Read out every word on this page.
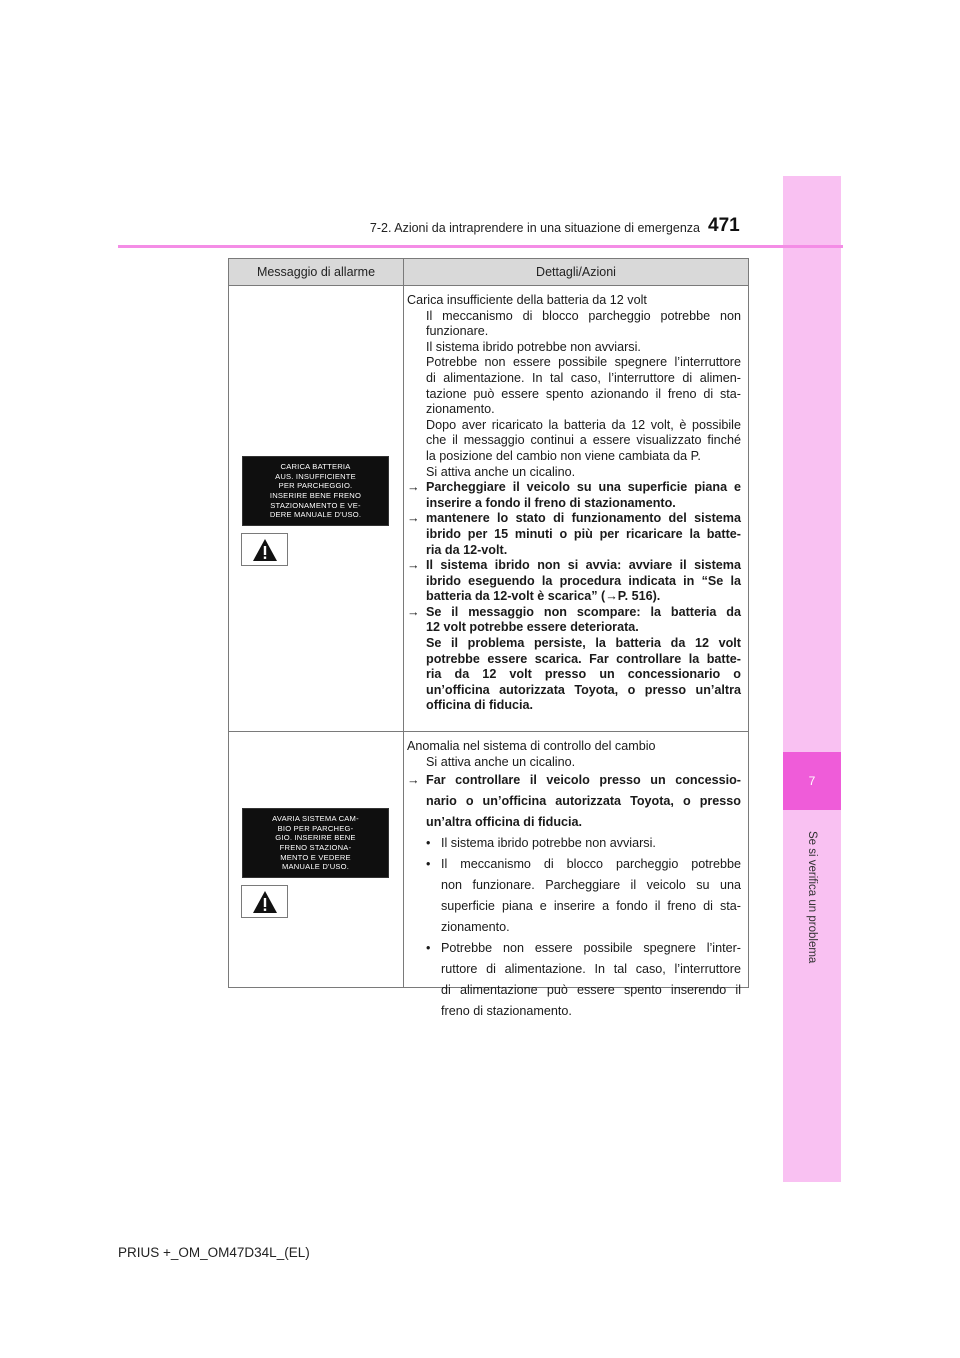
7
Se si verifica un problema
7-2. Azioni da intraprendere in una situazione di emergenza 471
Messaggio di allarme	Dettagli/Azioni
CARICA BATTERIA
AUS. INSUFFICIENTE
PER PARCHEGGIO.
INSERIRE BENE FRENO
STAZIONAMENTO E VE-
DERE MANUALE D'USO.
Carica insufficiente della batteria da 12 volt
Il meccanismo di blocco parcheggio potrebbe non
funzionare.
Il sistema ibrido potrebbe non avviarsi.
Potrebbe non essere possibile spegnere l’interruttore
di alimentazione. In tal caso, l’interruttore di alimen-
tazione può essere spento azionando il freno di sta-
zionamento.
Dopo aver ricaricato la batteria da 12 volt, è possibile
che il messaggio continui a essere visualizzato finché
la posizione del cambio non viene cambiata da P.
Si attiva anche un cicalino.
→ Parcheggiare il veicolo su una superficie piana e
inserire a fondo il freno di stazionamento.
→ mantenere lo stato di funzionamento del sistema
ibrido per 15 minuti o più per ricaricare la batte-
ria da 12-volt.
→ Il sistema ibrido non si avvia: avviare il sistema
ibrido eseguendo la procedura indicata in “Se la
batteria da 12-volt è scarica” (→P. 516).
→ Se il messaggio non scompare: la batteria da
12 volt potrebbe essere deteriorata.
Se il problema persiste, la batteria da 12 volt
potrebbe essere scarica. Far controllare la batte-
ria da 12 volt presso un concessionario o
un’officina autorizzata Toyota, o presso un’altra
officina di fiducia.
AVARIA SISTEMA CAM-
BIO PER PARCHEG-
GIO. INSERIRE BENE
FRENO STAZIONA-
MENTO E VEDERE
MANUALE D'USO.
Anomalia nel sistema di controllo del cambio
Si attiva anche un cicalino.
→ Far controllare il veicolo presso un concessio-
nario o un’officina autorizzata Toyota, o presso
un’altra officina di fiducia.
• Il sistema ibrido potrebbe non avviarsi.
• Il meccanismo di blocco parcheggio potrebbe
non funzionare. Parcheggiare il veicolo su una
superficie piana e inserire a fondo il freno di sta-
zionamento.
• Potrebbe non essere possibile spegnere l’inter-
ruttore di alimentazione. In tal caso, l’interruttore
di alimentazione può essere spento inserendo il
freno di stazionamento.
PRIUS +_OM_OM47D34L_(EL)
